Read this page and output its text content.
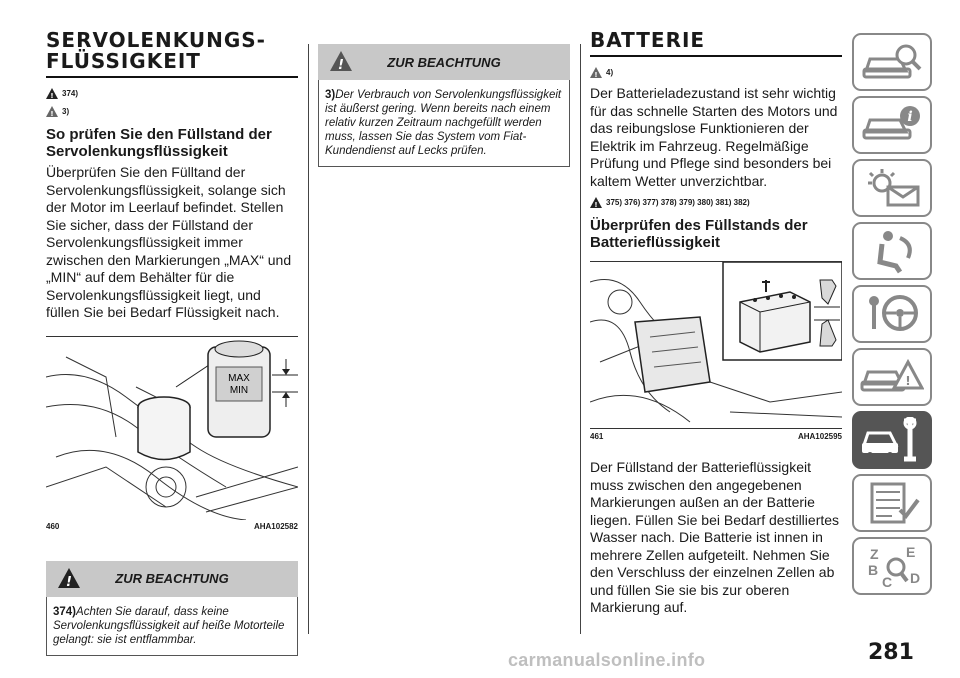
SERVOLENKUNGS-FLÜSSIGKEIT
! 374)
! 3)
So prüfen Sie den Füllstand der Servolenkungsflüssigkeit

Überprüfen Sie den Fülltand der Servolenkungsflüssigkeit, solange sich der Motor im Leerlauf befindet. Stellen Sie sicher, dass der Füllstand der Servolenkungsflüssigkeit immer zwischen den Markierungen „MAX“ und „MIN“ auf dem Behälter für die Servolenkungsflüssigkeit liegt, und füllen Sie bei Bedarf Flüssigkeit nach.

MAX
MIN
460	AHA102582
!	ZUR BEACHTUNG
374)Achten Sie darauf, dass keine Servolenkungsflüssigkeit auf heiße Motorteile gelangt: sie ist entflammbar.
!	ZUR BEACHTUNG
3)Der Verbrauch von Servolenkungsflüssigkeit ist äußerst gering. Wenn bereits nach einem relativ kurzen Zeitraum nachgefüllt werden muss, lassen Sie das System vom Fiat-Kundendienst auf Lecks prüfen.
BATTERIE
! 4)

Der Batterieladezustand ist sehr wichtig für das schnelle Starten des Motors und das reibungslose Funktionieren der Elektrik im Fahrzeug. Regelmäßige Prüfung und Pflege sind besonders bei kaltem Wetter unverzichtbar.

! 375) 376) 377) 378) 379) 380) 381) 382)
Überprüfen des Füllstands der Batterieflüssigkeit
461	AHA102595

Der Füllstand der Batterieflüssigkeit muss zwischen den angegebenen Markierungen außen an der Batterie liegen. Füllen Sie bei Bedarf destilliertes Wasser nach. Die Batterie ist innen in mehrere Zellen aufgeteilt. Nehmen Sie den Verschluss der einzelnen Zellen ab und füllen Sie sie bis zur oberen Markierung auf.

i
!
Z E
B
C D
281
carmanualsonline.info
